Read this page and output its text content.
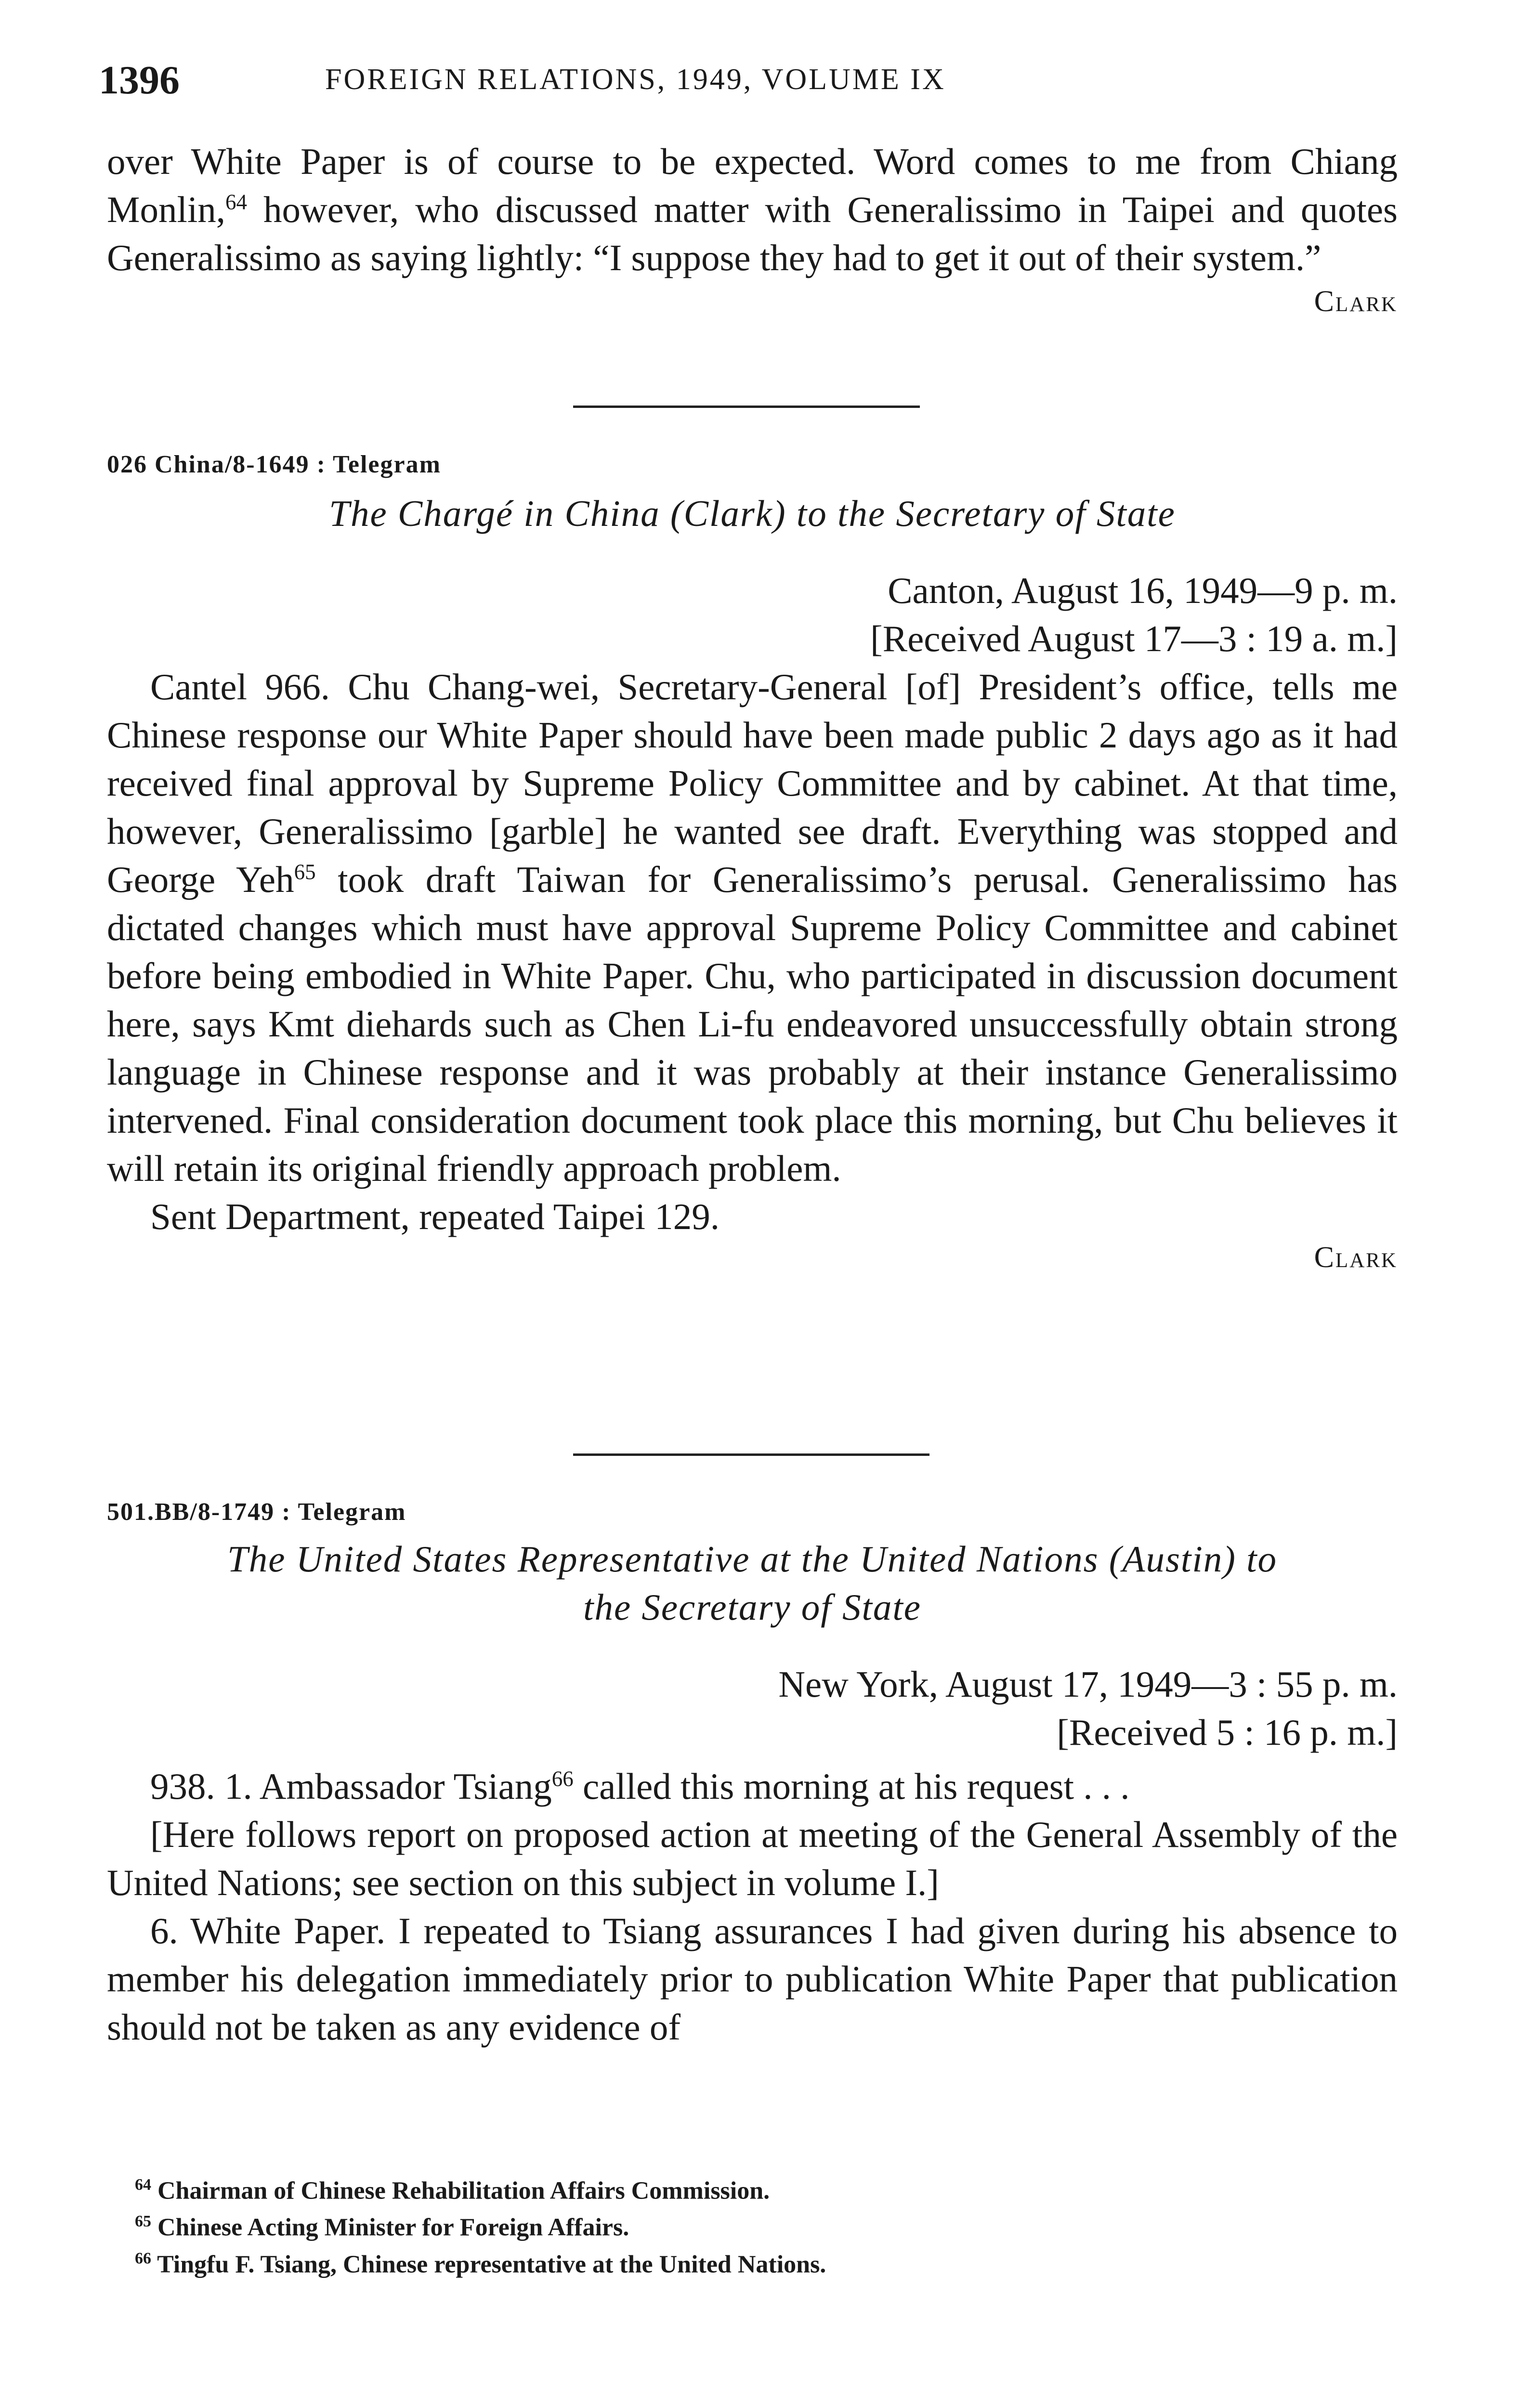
1396	FOREIGN RELATIONS, 1949, VOLUME IX

over White Paper is of course to be expected. Word comes to me from Chiang Monlin,$^{64}$ however, who discussed matter with Generalissimo in Taipei and quotes Generalissimo as saying lightly: “I suppose they had to get it out of their system.”

Clark

026 China/8-1649 : Telegram

The Chargé in China (Clark) to the Secretary of State

Canton, August 16, 1949—9 p. m.

[Received August 17—3 : 19 a. m.]

Cantel 966. Chu Chang-wei, Secretary-General [of] President’s office, tells me Chinese response our White Paper should have been made public 2 days ago as it had received final approval by Supreme Policy Committee and by cabinet. At that time, however, Generalissimo [garble] he wanted see draft. Everything was stopped and George Yeh$^{65}$ took draft Taiwan for Generalissimo’s perusal. Generalissimo has dictated changes which must have approval Supreme Policy Committee and cabinet before being embodied in White Paper. Chu, who participated in discussion document here, says Kmt diehards such as Chen Li-fu endeavored unsuccessfully obtain strong language in Chinese response and it was probably at their instance Generalissimo intervened. Final consideration document took place this morning, but Chu believes it will retain its original friendly approach problem.

Sent Department, repeated Taipei 129.

Clark

501.BB/8-1749 : Telegram

The United States Representative at the United Nations (Austin) to

the Secretary of State

New York, August 17, 1949—3 : 55 p. m.

[Received 5 : 16 p. m.]

938. 1. Ambassador Tsiang$^{66}$ called this morning at his request . . .

[Here follows report on proposed action at meeting of the General Assembly of the United Nations; see section on this subject in volume I.]

6. White Paper. I repeated to Tsiang assurances I had given during his absence to member his delegation immediately prior to publication White Paper that publication should not be taken as any evidence of

$^{64}$ Chairman of Chinese Rehabilitation Affairs Commission.
$^{65}$ Chinese Acting Minister for Foreign Affairs.
$^{66}$ Tingfu F. Tsiang, Chinese representative at the United Nations.
